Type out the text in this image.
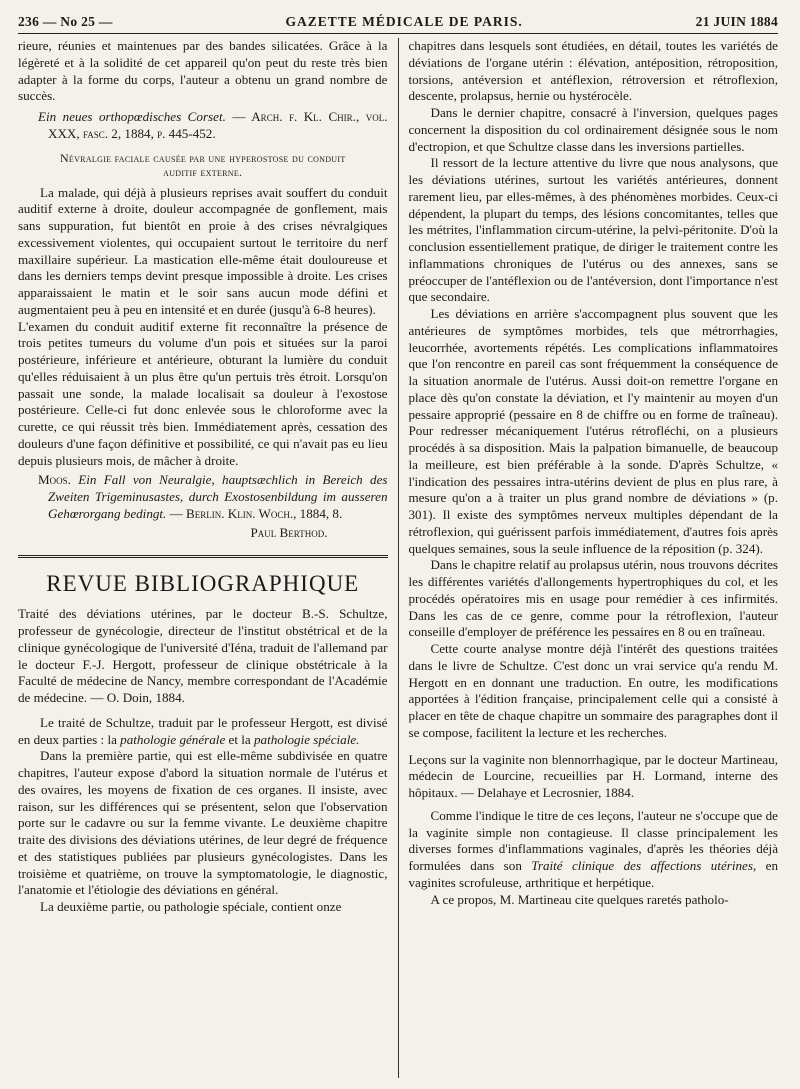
236 — No 25 —	GAZETTE MÉDICALE DE PARIS.	21 JUIN 1884

rieure, réunies et maintenues par des bandes silicatées. Grâce à la légèreté et à la solidité de cet appareil qu'on peut du reste très bien adapter à la forme du corps, l'auteur a obtenu un grand nombre de succès.

Ein neues orthopœdisches Corset. — Arch. f. Kl. Chir., vol. XXX, fasc. 2, 1884, p. 445-452.

Névralgie faciale causée par une hyperostose du conduit
auditif externe.

La malade, qui déjà à plusieurs reprises avait souffert du conduit auditif externe à droite, douleur accompagnée de gonflement, mais sans suppuration, fut bientôt en proie à des crises névralgiques excessivement violentes, qui occupaient surtout le territoire du nerf maxillaire supérieur. La mastication elle-même était douloureuse et dans les derniers temps devint presque impossible à droite. Les crises apparaissaient le matin et le soir sans aucun mode défini et augmentaient peu à peu en intensité et en durée (jusqu'à 6-8 heures).

L'examen du conduit auditif externe fit reconnaître la présence de trois petites tumeurs du volume d'un pois et situées sur la paroi postérieure, inférieure et antérieure, obturant la lumière du conduit qu'elles réduisaient à un plus être qu'un pertuis très étroit. Lorsqu'on passait une sonde, la malade localisait sa douleur à l'exostose postérieure. Celle-ci fut donc enlevée sous le chloroforme avec la curette, ce qui réussit très bien. Immédiatement après, cessation des douleurs d'une façon définitive et possibilité, ce qui n'avait pas eu lieu depuis plusieurs mois, de mâcher à droite.

Moos. Ein Fall von Neuralgie, hauptsæchlich in Bereich des Zweiten Trigeminusastes, durch Exostosenbildung im ausseren Gehœrorgang bedingt. — Berlin. Klin. Woch., 1884, 8.

Paul Berthod.

REVUE BIBLIOGRAPHIQUE

Traité des déviations utérines, par le docteur B.-S. Schultze, professeur de gynécologie, directeur de l'institut obstétrical et de la clinique gynécologique de l'université d'Iéna, traduit de l'allemand par le docteur F.-J. Hergott, professeur de clinique obstétricale à la Faculté de médecine de Nancy, membre correspondant de l'Académie de médecine. — O. Doin, 1884.

Le traité de Schultze, traduit par le professeur Hergott, est divisé en deux parties : la pathologie générale et la pathologie spéciale.

Dans la première partie, qui est elle-même subdivisée en quatre chapitres, l'auteur expose d'abord la situation normale de l'utérus et des ovaires, les moyens de fixation de ces organes. Il insiste, avec raison, sur les différences qui se présentent, selon que l'observation porte sur le cadavre ou sur la femme vivante. Le deuxième chapitre traite des divisions des déviations utérines, de leur degré de fréquence et des statistiques publiées par plusieurs gynécologistes. Dans les troisième et quatrième, on trouve la symptomatologie, le diagnostic, l'anatomie et l'étiologie des déviations en général.

La deuxième partie, ou pathologie spéciale, contient onze

chapitres dans lesquels sont étudiées, en détail, toutes les variétés de déviations de l'organe utérin : élévation, antéposition, rétroposition, torsions, antéversion et antéflexion, rétroversion et rétroflexion, descente, prolapsus, hernie ou hystérocèle.

Dans le dernier chapitre, consacré à l'inversion, quelques pages concernent la disposition du col ordinairement désignée sous le nom d'ectropion, et que Schultze classe dans les inversions partielles.

Il ressort de la lecture attentive du livre que nous analysons, que les déviations utérines, surtout les variétés antérieures, donnent rarement lieu, par elles-mêmes, à des phénomènes morbides. Ceux-ci dépendent, la plupart du temps, des lésions concomitantes, telles que les métrites, l'inflammation circum-utérine, la pelvi-péritonite. D'où la conclusion essentiellement pratique, de diriger le traitement contre les inflammations chroniques de l'utérus ou des annexes, sans se préoccuper de l'antéflexion ou de l'antéversion, dont l'importance n'est que secondaire.

Les déviations en arrière s'accompagnent plus souvent que les antérieures de symptômes morbides, tels que métrorrhagies, leucorrhée, avortements répétés. Les complications inflammatoires que l'on rencontre en pareil cas sont fréquemment la conséquence de la situation anormale de l'utérus. Aussi doit-on remettre l'organe en place dès qu'on constate la déviation, et l'y maintenir au moyen d'un pessaire approprié (pessaire en 8 de chiffre ou en forme de traîneau). Pour redresser mécaniquement l'utérus rétrofléchi, on a plusieurs procédés à sa disposition. Mais la palpation bimanuelle, de beaucoup la meilleure, est bien préférable à la sonde. D'après Schultze, « l'indication des pessaires intra-utérins devient de plus en plus rare, à mesure qu'on a à traiter un plus grand nombre de déviations » (p. 301). Il existe des symptômes nerveux multiples dépendant de la rétroflexion, qui guérissent parfois immédiatement, d'autres fois après quelques semaines, sous la seule influence de la réposition (p. 324).

Dans le chapitre relatif au prolapsus utérin, nous trouvons décrites les différentes variétés d'allongements hypertrophiques du col, et les procédés opératoires mis en usage pour remédier à ces infirmités. Dans les cas de ce genre, comme pour la rétroflexion, l'auteur conseille d'employer de préférence les pessaires en 8 ou en traîneau.

Cette courte analyse montre déjà l'intérêt des questions traitées dans le livre de Schultze. C'est donc un vrai service qu'a rendu M. Hergott en en donnant une traduction. En outre, les modifications apportées à l'édition française, principalement celle qui a consisté à placer en tête de chaque chapitre un sommaire des paragraphes dont il se compose, facilitent la lecture et les recherches.

Leçons sur la vaginite non blennorrhagique, par le docteur Martineau, médecin de Lourcine, recueillies par H. Lormand, interne des hôpitaux. — Delahaye et Lecrosnier, 1884.

Comme l'indique le titre de ces leçons, l'auteur ne s'occupe que de la vaginite simple non contagieuse. Il classe principalement les diverses formes d'inflammations vaginales, d'après les théories déjà formulées dans son Traité clinique des affections utérines, en vaginites scrofuleuse, arthritique et herpétique.

A ce propos, M. Martineau cite quelques raretés patholo-
